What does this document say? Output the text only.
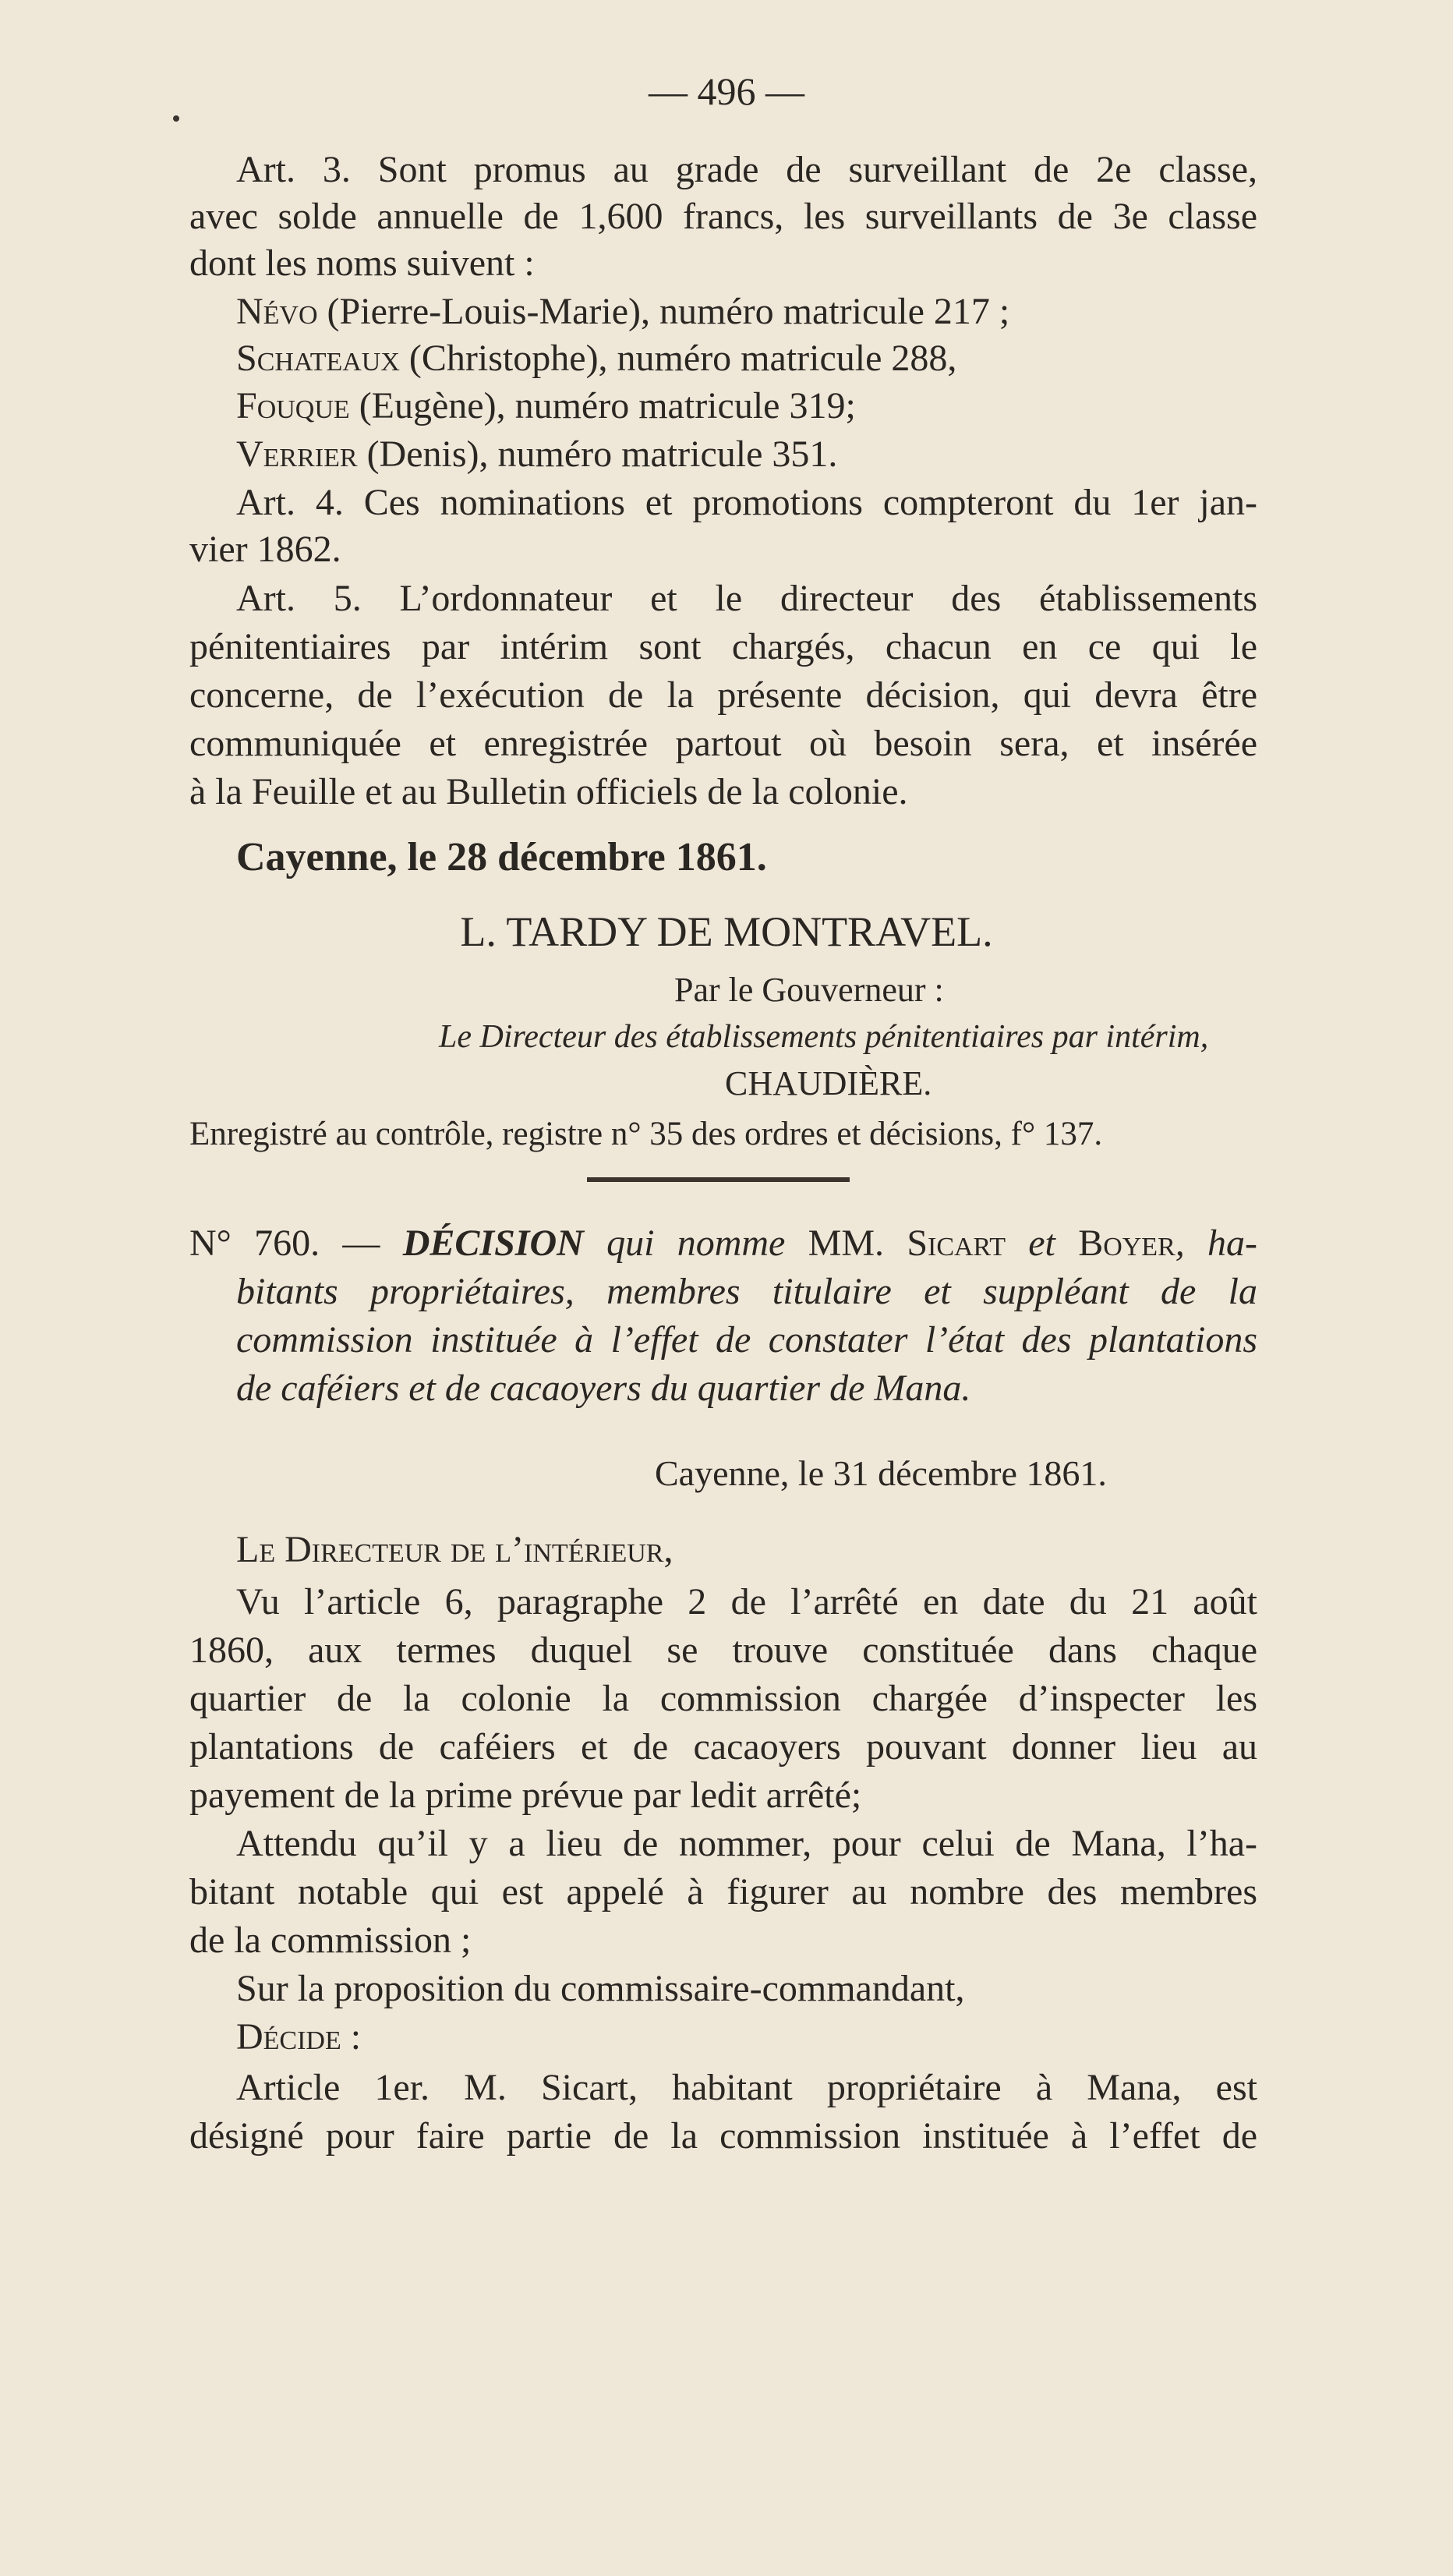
— 496 —
Art. 3. Sont promus au grade de surveillant de 2e classe,
avec solde annuelle de 1,600 francs, les surveillants de 3e classe
dont les noms suivent :
Névo (Pierre-Louis-Marie), numéro matricule 217 ;
Schateaux (Christophe), numéro matricule 288,
Fouque (Eugène), numéro matricule 319;
Verrier (Denis), numéro matricule 351.
Art. 4. Ces nominations et promotions compteront du 1er jan-
vier 1862.
Art. 5. L’ordonnateur et le directeur des établissements
pénitentiaires par intérim sont chargés, chacun en ce qui le
concerne, de l’exécution de la présente décision, qui devra être
communiquée et enregistrée partout où besoin sera, et insérée
à la Feuille et au Bulletin officiels de la colonie.
Cayenne, le 28 décembre 1861.
L. TARDY DE MONTRAVEL.
Par le Gouverneur :
Le Directeur des établissements pénitentiaires par intérim,
CHAUDIÈRE.
Enregistré au contrôle, registre n° 35 des ordres et décisions, f° 137.
N° 760. — DÉCISION qui nomme MM. Sicart et Boyer, ha-
bitants propriétaires, membres titulaire et suppléant de la
commission instituée à l’effet de constater l’état des plantations
de caféiers et de cacaoyers du quartier de Mana.
Cayenne, le 31 décembre 1861.
Le Directeur de l’intérieur,
Vu l’article 6, paragraphe 2 de l’arrêté en date du 21 août
1860, aux termes duquel se trouve constituée dans chaque
quartier de la colonie la commission chargée d’inspecter les
plantations de caféiers et de cacaoyers pouvant donner lieu au
payement de la prime prévue par ledit arrêté;
Attendu qu’il y a lieu de nommer, pour celui de Mana, l’ha-
bitant notable qui est appelé à figurer au nombre des membres
de la commission ;
Sur la proposition du commissaire-commandant,
Décide :
Article 1er. M. Sicart, habitant propriétaire à Mana, est
désigné pour faire partie de la commission instituée à l’effet de
